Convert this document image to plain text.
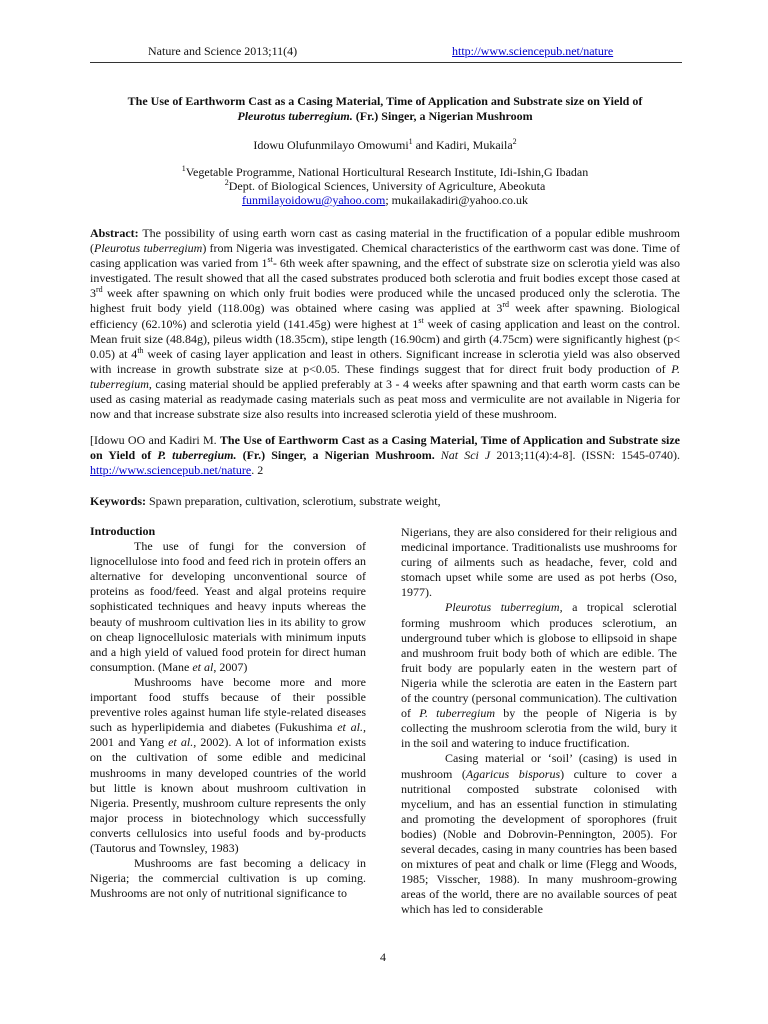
Nature and Science 2013;11(4)	http://www.sciencepub.net/nature
The Use of Earthworm Cast as a Casing Material, Time of Application and Substrate size on Yield of
Pleurotus tuberregium. (Fr.) Singer, a Nigerian Mushroom
Idowu Olufunmilayo Omowumi$^1$ and Kadiri, Mukaila$^2$
$^1$Vegetable Programme, National Horticultural Research Institute, Idi-Ishin,G Ibadan
$^2$Dept. of Biological Sciences, University of Agriculture, Abeokuta
funmilayoidowu@yahoo.com; mukailakadiri@yahoo.co.uk
Abstract: The possibility of using earth worn cast as casing material in the fructification of a popular edible mushroom (Pleurotus tuberregium) from Nigeria was investigated. Chemical characteristics of the earthworm cast was done. Time of casing application was varied from 1st- 6th week after spawning, and the effect of substrate size on sclerotia yield was also investigated. The result showed that all the cased substrates produced both sclerotia and fruit bodies except those cased at 3rd week after spawning on which only fruit bodies were produced while the uncased produced only the sclerotia. The highest fruit body yield (118.00g) was obtained where casing was applied at 3rd week after spawning. Biological efficiency (62.10%) and sclerotia yield (141.45g) were highest at 1st week of casing application and least on the control. Mean fruit size (48.84g), pileus width (18.35cm), stipe length (16.90cm) and girth (4.75cm) were significantly highest (p< 0.05) at 4th week of casing layer application and least in others. Significant increase in sclerotia yield was also observed with increase in growth substrate size at p<0.05. These findings suggest that for direct fruit body production of P. tuberregium, casing material should be applied preferably at 3 - 4 weeks after spawning and that earth worm casts can be used as casing material as readymade casing materials such as peat moss and vermiculite are not available in Nigeria for now and that increase substrate size also results into increased sclerotia yield of these mushroom.
[Idowu OO and Kadiri M. The Use of Earthworm Cast as a Casing Material, Time of Application and Substrate size on Yield of P. tuberregium. (Fr.) Singer, a Nigerian Mushroom. Nat Sci J 2013;11(4):4-8]. (ISSN: 1545-0740). http://www.sciencepub.net/nature. 2
Keywords: Spawn preparation, cultivation, sclerotium, substrate weight,

Introduction

The use of fungi for the conversion of lignocellulose into food and feed rich in protein offers an alternative for developing unconventional source of proteins as food/feed. Yeast and algal proteins require sophisticated techniques and heavy inputs whereas the beauty of mushroom cultivation lies in its ability to grow on cheap lignocellulosic materials with minimum inputs and a high yield of valued food protein for direct human consumption. (Mane et al, 2007)

Mushrooms have become more and more important food stuffs because of their possible preventive roles against human life style-related diseases such as hyperlipidemia and diabetes (Fukushima et al., 2001 and Yang et al., 2002). A lot of information exists on the cultivation of some edible and medicinal mushrooms in many developed countries of the world but little is known about mushroom cultivation in Nigeria. Presently, mushroom culture represents the only major process in biotechnology which successfully converts cellulosics into useful foods and by-products (Tautorus and Townsley, 1983)

Mushrooms are fast becoming a delicacy in Nigeria; the commercial cultivation is up coming. Mushrooms are not only of nutritional significance to

Nigerians, they are also considered for their religious and medicinal importance. Traditionalists use mushrooms for curing of ailments such as headache, fever, cold and stomach upset while some are used as pot herbs (Oso, 1977).

Pleurotus tuberregium, a tropical sclerotial forming mushroom which produces sclerotium, an underground tuber which is globose to ellipsoid in shape and mushroom fruit body both of which are edible. The fruit body are popularly eaten in the western part of Nigeria while the sclerotia are eaten in the Eastern part of the country (personal communication). The cultivation of P. tuberregium by the people of Nigeria is by collecting the mushroom sclerotia from the wild, bury it in the soil and watering to induce fructification.

Casing material or ‘soil’ (casing) is used in mushroom (Agaricus bisporus) culture to cover a nutritional composted substrate colonised with mycelium, and has an essential function in stimulating and promoting the development of sporophores (fruit bodies) (Noble and Dobrovin-Pennington, 2005). For several decades, casing in many countries has been based on mixtures of peat and chalk or lime (Flegg and Woods, 1985; Visscher, 1988). In many mushroom-growing areas of the world, there are no available sources of peat which has led to considerable

4
